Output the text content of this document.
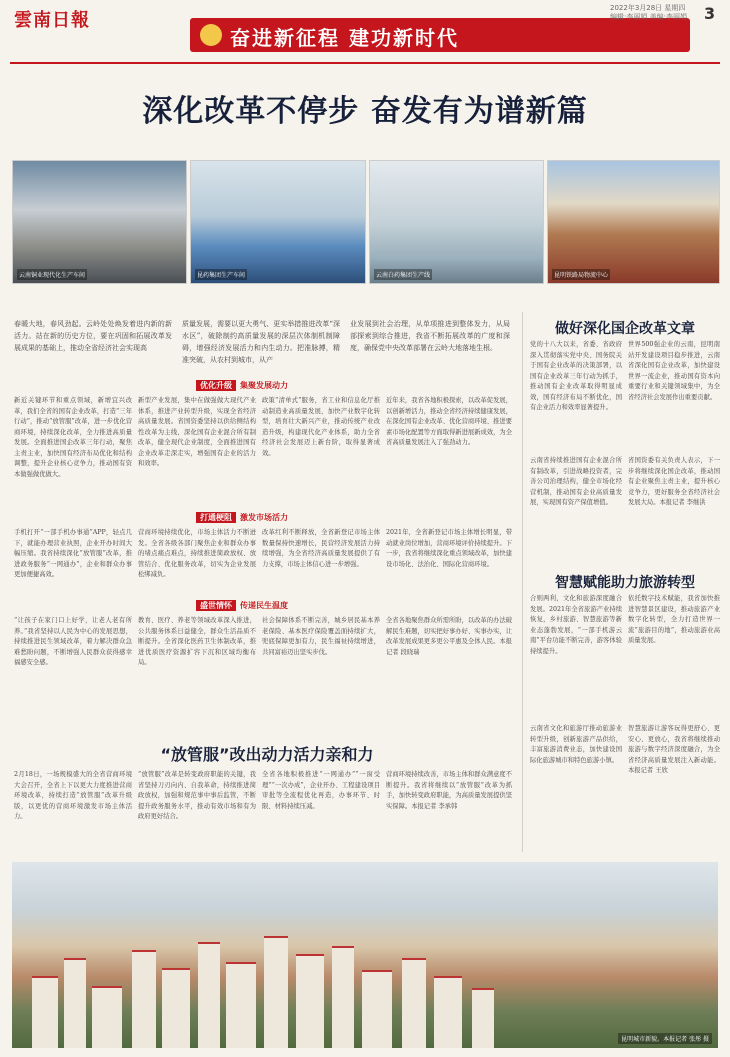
雲南日報
奋进新征程 建功新时代
2022年3月28日 星期四
编辑:李丽娟 美编:李丽娟 3
深化改革不停步 奋发有为谱新篇
云南铜业现代化生产车间	昆药集团生产车间	云南白药集团生产线	昆明铁路局物流中心
春暖大地，春风劲起。云岭处处焕发着进内新的新活力。站在新的历史方位，要在巩固和拓展改革发展成果的基础上，推动全省经济社会实现高
质量发展，需要以更大勇气、更实举措推进改革“深水区”，破除制约高质量发展的深层次体制机制障碍，增强经济发展活力和内生动力。把准脉搏，精准突破，从农村到城市，从产
业发展到社会治理，从单项推进到整体发力，从局部探索到综合推进，我省不断拓展改革的广度和深度，确保党中央改革部署在云岭大地落地生根。
优化升级 集聚发展动力
新近关键环节和重点领域，新增宜兴改革，我们全省的国有企业改革，打造“三年行动”，推动“放管服”改革，进一步优化营商环境，持续深化改革，全力推进高质量发展。全面推进国企改革三年行动，聚焦主责主业，加快国有经济布局优化和结构调整，提升企业核心竞争力，推动国有资本做强做优做大。
新型产业发展，集中在做强做大现代产业体系，推进产业转型升级，实现全省经济高质量发展。省国资委坚持以供给侧结构性改革为主线，深化国有企业混合所有制改革，健全现代企业制度，全面推进国有企业改革走深走实，增强国有企业的活力和效率。
政策“清单式”服务，省工业和信息化厅推动制造业高质量发展，加快产业数字化转型，培育壮大新兴产业，推动传统产业改造升级，构建现代化产业体系，助力全省经济社会发展迈上新台阶，取得显著成效。
近年来，我省各地积极探索，以改革促发展，以创新增活力，推动全省经济持续健康发展，在深化国有企业改革、优化营商环境、推进要素市场化配置等方面取得新进展新成效，为全省高质量发展注入了强劲动力。
打通梗阻 激发市场活力
手机打开“一部手机办事通”APP，轻点几下，就能办理营业执照，企业开办时间大幅压缩。我省持续深化“放管服”改革，推进政务服务“一网通办”，企业和群众办事更加便捷高效。
营商环境持续优化，市场主体活力不断迸发。全省各级各部门聚焦企业和群众办事的堵点痛点难点，持续推进简政放权、放管结合、优化服务改革，切实为企业发展松绑减负。
改革红利不断释放，全省新登记市场主体数量保持快速增长，民营经济发展活力持续增强，为全省经济高质量发展提供了有力支撑，市场主体信心进一步增强。
2021年，全省新登记市场主体增长明显，带动就业岗位增加，营商环境评价持续提升。下一步，我省将继续深化重点领域改革，加快建设市场化、法治化、国际化营商环境。
盛世情怀 传递民生温度
“让孩子在家门口上好学，让老人老有所养。”我省坚持以人民为中心的发展思想，持续推进民生领域改革，着力解决群众急难愁盼问题，不断增强人民群众获得感幸福感安全感。
教育、医疗、养老等领域改革深入推进，公共服务体系日益健全，群众生活品质不断提升。全省深化医药卫生体制改革，推进优质医疗资源扩容下沉和区域均衡布局。
社会保障体系不断完善，城乡居民基本养老保险、基本医疗保险覆盖面持续扩大，兜底保障更加有力，民生福祉持续增进，共同富裕迈出坚实步伐。
全省各地聚焦群众所需所盼，以改革的办法破解民生难题，切实把好事办好、实事办实，让改革发展成果更多更公平惠及全体人民。本报记者 段晓瑞
“放管服”改出动力活力亲和力
2月18日，一场规模盛大的全省营商环境大会召开，全省上下以更大力度推进营商环境改革，持续打造“放管服”改革升级版，以更优的营商环境激发市场主体活力。
“放管服”改革是转变政府职能的关键，我省坚持刀刃向内、自我革命，持续推进简政放权，加强和规范事中事后监管，不断提升政务服务水平，推动有效市场和有为政府更好结合。
全省各地积极推进“一网通办”“一窗受理”“一次办成”，企业开办、工程建设项目审批等全流程优化再造，办事环节、时限、材料持续压减。
营商环境持续改善，市场主体和群众满意度不断提升。我省将继续以“放管服”改革为抓手，加快转变政府职能，为高质量发展提供坚实保障。本报记者 李承韩
做好深化国企改革文章
党的十八大以来，省委、省政府深入贯彻落实党中央、国务院关于国有企业改革的决策部署，以国有企业改革三年行动为抓手，推动国有企业改革取得明显成效，国有经济布局不断优化，国有企业活力和效率显著提升。
世界500强企业的云南，昆明南站开发建设项目稳步推进，云南省深化国有企业改革，加快建设世界一流企业，推动国有资本向重要行业和关键领域集中，为全省经济社会发展作出重要贡献。
云南省持续推进国有企业混合所有制改革，引进战略投资者，完善公司治理结构，健全市场化经营机制，推动国有企业高质量发展，实现国有资产保值增值。
省国资委有关负责人表示，下一步将继续深化国企改革，推动国有企业聚焦主责主业，提升核心竞争力，更好服务全省经济社会发展大局。本报记者 李继洪
智慧赋能助力旅游转型
合则两利，文化和旅游深度融合发展。2021年全省旅游产业持续恢复，乡村旅游、智慧旅游等新业态蓬勃发展，“一部手机游云南”平台功能不断完善，游客体验持续提升。
依托数字技术赋能，我省加快推进智慧景区建设，推动旅游产业数字化转型，全力打造世界一流“旅游目的地”，推动旅游业高质量发展。
云南省文化和旅游厅推动旅游业转型升级，创新旅游产品供给，丰富旅游消费业态，加快建设国际化旅游城市和特色旅游小镇。
智慧旅游让游客玩得更舒心、更安心、更放心，我省将继续推动旅游与数字经济深度融合，为全省经济高质量发展注入新动能。本报记者 王欣
昆明城市新貌。本报记者 张彤 摄
